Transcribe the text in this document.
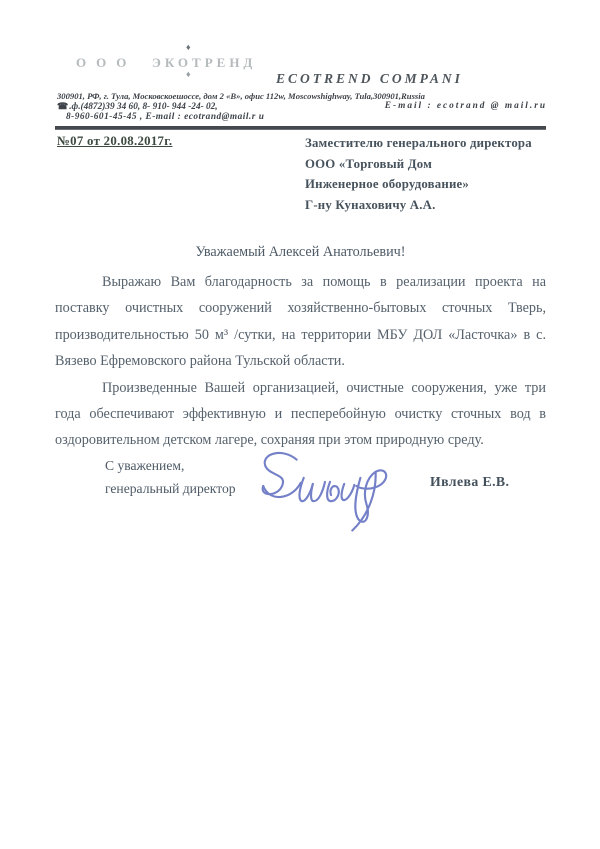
ООО ЭКОТРЕНД
♦
♦	ECOTREND COMPANI
300901, РФ, г. Тула, Московскоешоссе, дом 2 «В», офис 112w, Moscowshighway, Tula,300901,Russia
☎.ф.(4872)39 34 60, 8- 910- 944 -24- 02,	E-mail : ecotrand @ mail.ru
8-960-601-45-45 , E-mail : ecotrand@mail.r u
№07 от 20.08.2017г.	Заместителю генерального директора
ООО «Торговый Дом
Инженерное оборудование»
Г-ну Кунаховичу А.А.
Уважаемый Алексей Анатольевич!

Выражаю Вам благодарность за помощь в реализации проекта на поставку очистных сооружений хозяйственно-бытовых сточных Тверь, производительностью 50 м³ /сутки, на территории МБУ ДОЛ «Ласточка» в с. Вязево Ефремовского района Тульской области.

Произведенные Вашей организацией, очистные сооружения, уже три года обеспечивают эффективную и песперебойную очистку сточных вод в оздоровительном детском лагере, сохраняя при этом природную среду.

С уважением,
генеральный директор	Ивлева Е.В.
